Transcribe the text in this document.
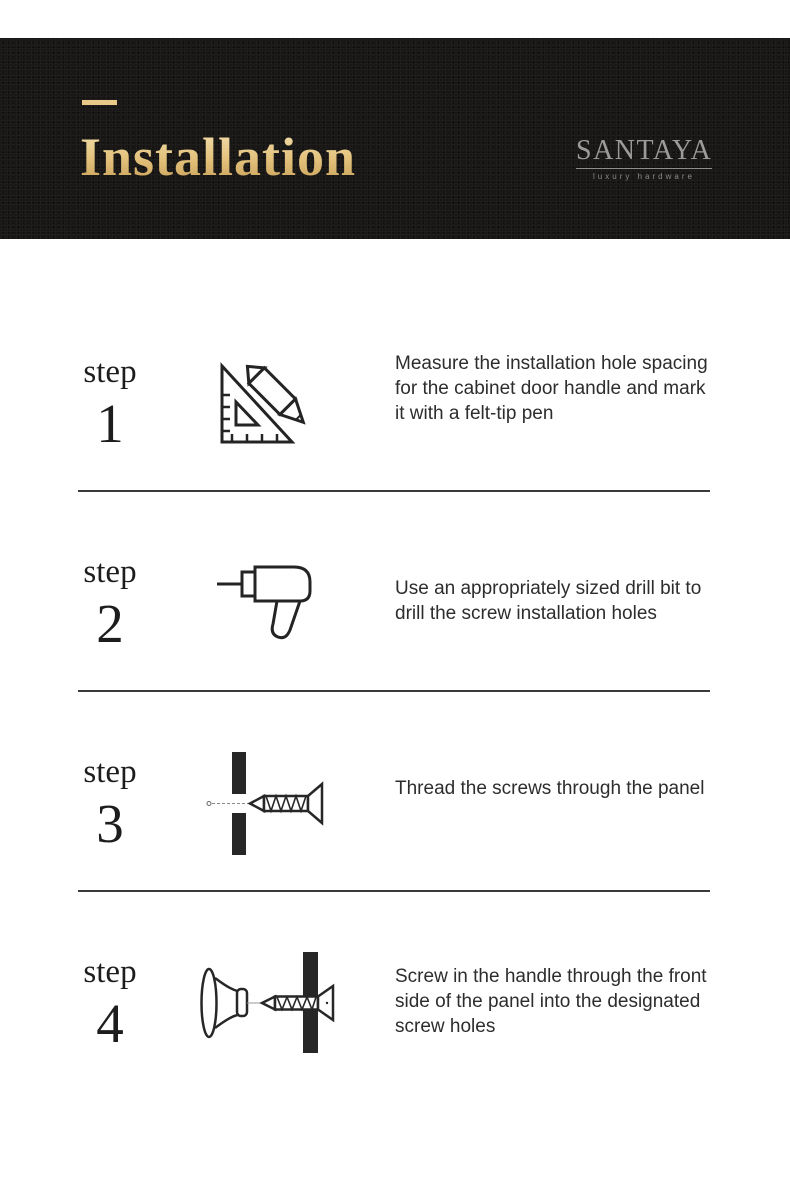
Installation	SANTAYA
luxury hardware
step
1

Measure the installation hole spacing for the cabinet door handle and mark it with a felt-tip pen

step
2

Use an appropriately sized drill bit to drill the screw installation holes

step
3

Thread the screws through the panel

step
4

Screw in the handle through the front side of the panel into the designated screw holes
